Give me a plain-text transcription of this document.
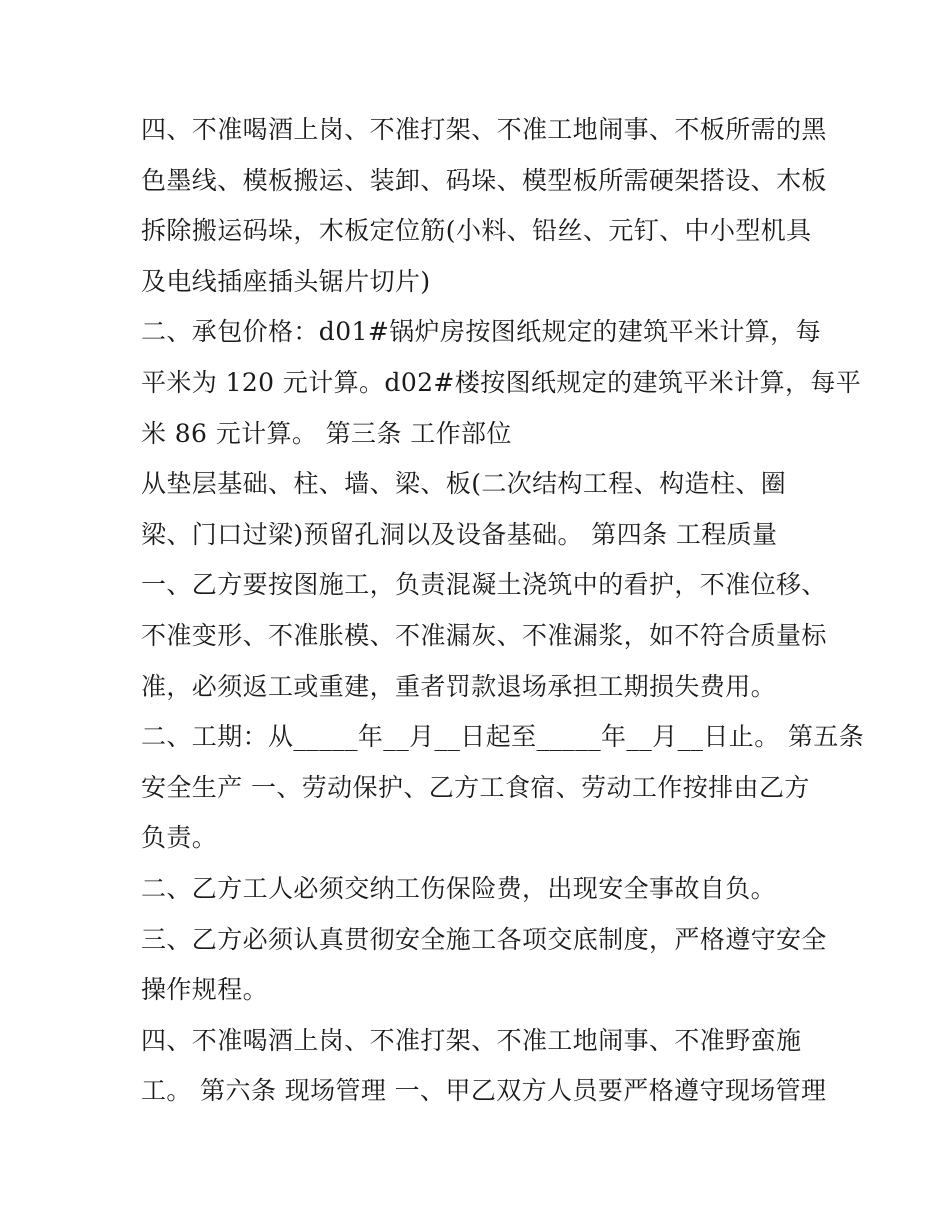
四、不准喝酒上岗、不准打架、不准工地闹事、不板所需的黑
色墨线、模板搬运、装卸、码垛、模型板所需硬架搭设、木板
拆除搬运码垛，木板定位筋(小料、铅丝、元钉、中小型机具
及电线插座插头锯片切片)
二、承包价格：d01#锅炉房按图纸规定的建筑平米计算，每
平米为 120 元计算。d02#楼按图纸规定的建筑平米计算，每平
米 86 元计算。 第三条 工作部位
从垫层基础、柱、墙、梁、板(二次结构工程、构造柱、圈
梁、门口过梁)预留孔洞以及设备基础。 第四条 工程质量
一、乙方要按图施工，负责混凝土浇筑中的看护，不准位移、
不准变形、不准胀模、不准漏灰、不准漏浆，如不符合质量标
准，必须返工或重建，重者罚款退场承担工期损失费用。
二、工期：从_____年__月__日起至_____年__月__日止。 第五条
安全生产 一、劳动保护、乙方工食宿、劳动工作按排由乙方
负责。
二、乙方工人必须交纳工伤保险费，出现安全事故自负。
三、乙方必须认真贯彻安全施工各项交底制度，严格遵守安全
操作规程。
四、不准喝酒上岗、不准打架、不准工地闹事、不准野蛮施
工。 第六条 现场管理 一、甲乙双方人员要严格遵守现场管理
